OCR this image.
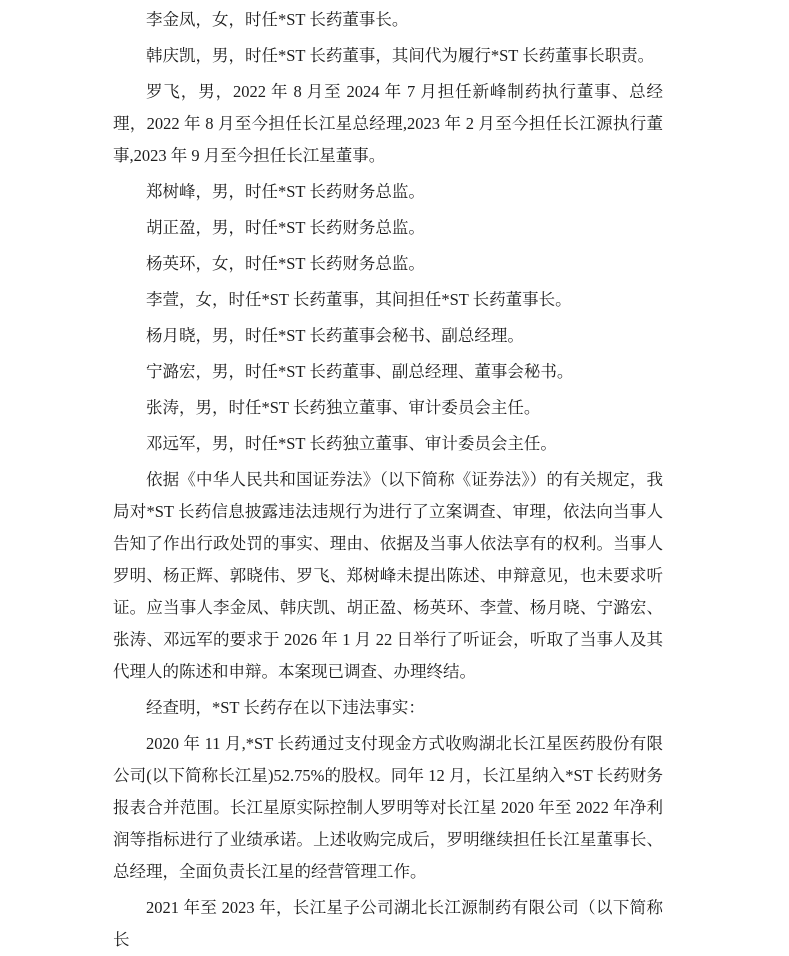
李金凤，女，时任*ST 长药董事长。

韩庆凯，男，时任*ST 长药董事，其间代为履行*ST 长药董事长职责。

罗飞，男，2022 年 8 月至 2024 年 7 月担任新峰制药执行董事、总经理，2022 年 8 月至今担任长江星总经理,2023 年 2 月至今担任长江源执行董事,2023 年 9 月至今担任长江星董事。

郑树峰，男，时任*ST 长药财务总监。

胡正盈，男，时任*ST 长药财务总监。

杨英环，女，时任*ST 长药财务总监。

李萱，女，时任*ST 长药董事，其间担任*ST 长药董事长。

杨月晓，男，时任*ST 长药董事会秘书、副总经理。

宁潞宏，男，时任*ST 长药董事、副总经理、董事会秘书。

张涛，男，时任*ST 长药独立董事、审计委员会主任。

邓远军，男，时任*ST 长药独立董事、审计委员会主任。

依据《中华人民共和国证券法》（以下简称《证券法》）的有关规定，我局对*ST 长药信息披露违法违规行为进行了立案调查、审理，依法向当事人告知了作出行政处罚的事实、理由、依据及当事人依法享有的权利。当事人罗明、杨正辉、郭晓伟、罗飞、郑树峰未提出陈述、申辩意见，也未要求听证。应当事人李金凤、韩庆凯、胡正盈、杨英环、李萱、杨月晓、宁潞宏、张涛、邓远军的要求于 2026 年 1 月 22 日举行了听证会，听取了当事人及其代理人的陈述和申辩。本案现已调查、办理终结。

经查明，*ST 长药存在以下违法事实：

2020 年 11 月,*ST 长药通过支付现金方式收购湖北长江星医药股份有限公司(以下简称长江星)52.75%的股权。同年 12 月，长江星纳入*ST 长药财务报表合并范围。长江星原实际控制人罗明等对长江星 2020 年至 2022 年净利润等指标进行了业绩承诺。上述收购完成后，罗明继续担任长江星董事长、总经理，全面负责长江星的经营管理工作。

2021 年至 2023 年，长江星子公司湖北长江源制药有限公司（以下简称长
